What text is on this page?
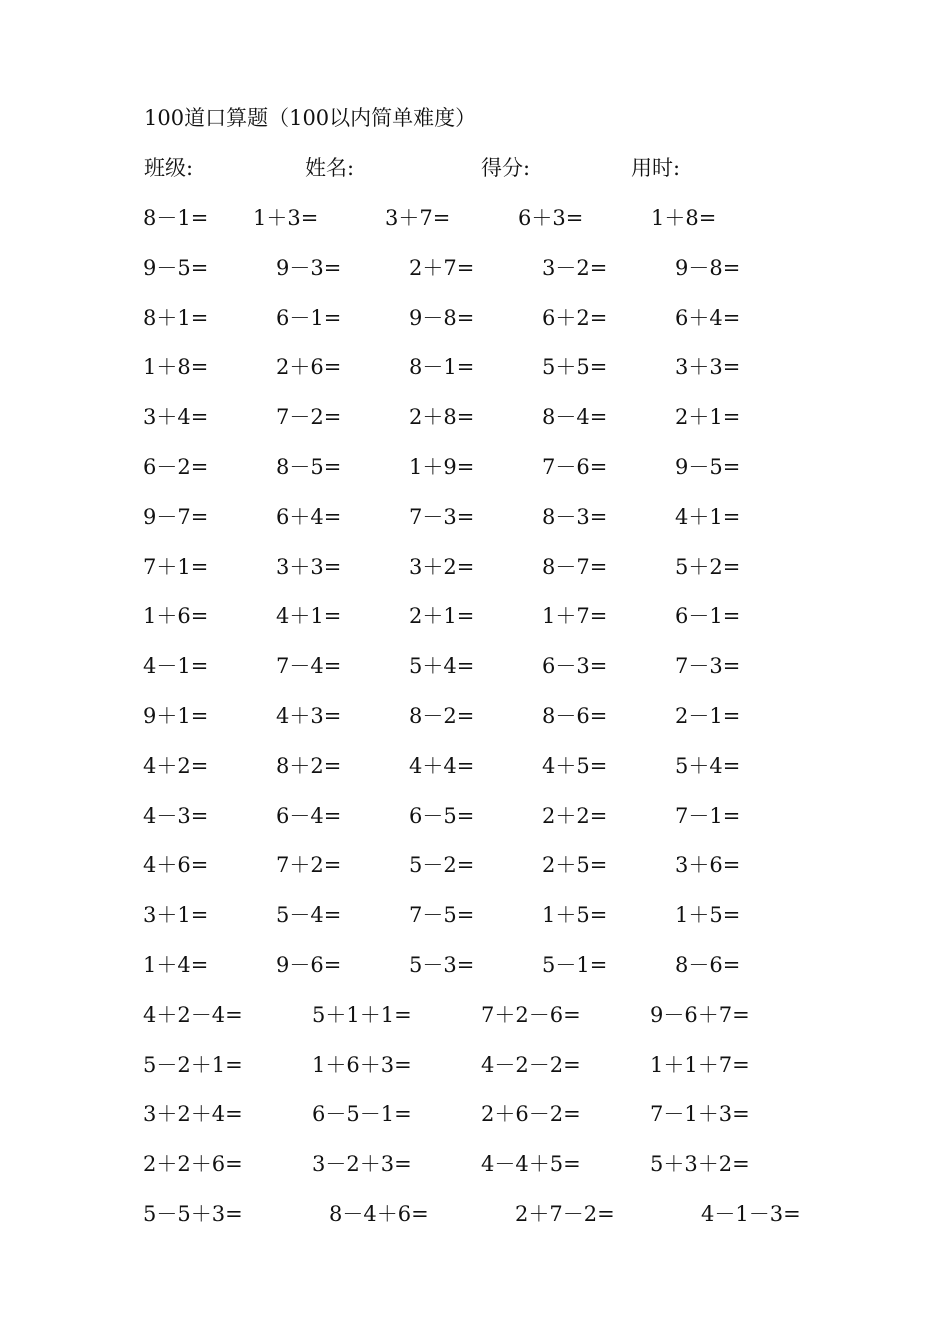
100道口算题（100以内简单难度）
班级:	姓名:	得分:	用时:
8－1= 1＋3=	3＋7=	6＋3=	1＋8=
9－5=	9－3=	2＋7=	3－2=	9－8=
8＋1=	6－1=	9－8=	6＋2=	6＋4=
1＋8=	2＋6=	8－1=	5＋5=	3＋3=
3＋4=	7－2=	2＋8=	8－4=	2＋1=
6－2=	8－5=	1＋9=	7－6=	9－5=
9－7=	6＋4=	7－3=	8－3=	4＋1=
7＋1=	3＋3=	3＋2=	8－7=	5＋2=
1＋6=	4＋1=	2＋1=	1＋7=	6－1=
4－1=	7－4=	5＋4=	6－3=	7－3=
9＋1=	4＋3=	8－2=	8－6=	2－1=
4＋2=	8＋2=	4＋4=	4＋5=	5＋4=
4－3=	6－4=	6－5=	2＋2=	7－1=
4＋6=	7＋2=	5－2=	2＋5=	3＋6=
3＋1=	5－4=	7－5=	1＋5=	1＋5=
1＋4=	9－6=	5－3=	5－1=	8－6=
4＋2－4=	5＋1＋1=	7＋2－6=	9－6＋7=
5－2＋1=	1＋6＋3=	4－2－2=	1＋1＋7=
3＋2＋4=	6－5－1=	2＋6－2=	7－1＋3=
2＋2＋6=	3－2＋3=	4－4＋5=	5＋3＋2=
5－5＋3=	8－4＋6=	2＋7－2=	4－1－3=
